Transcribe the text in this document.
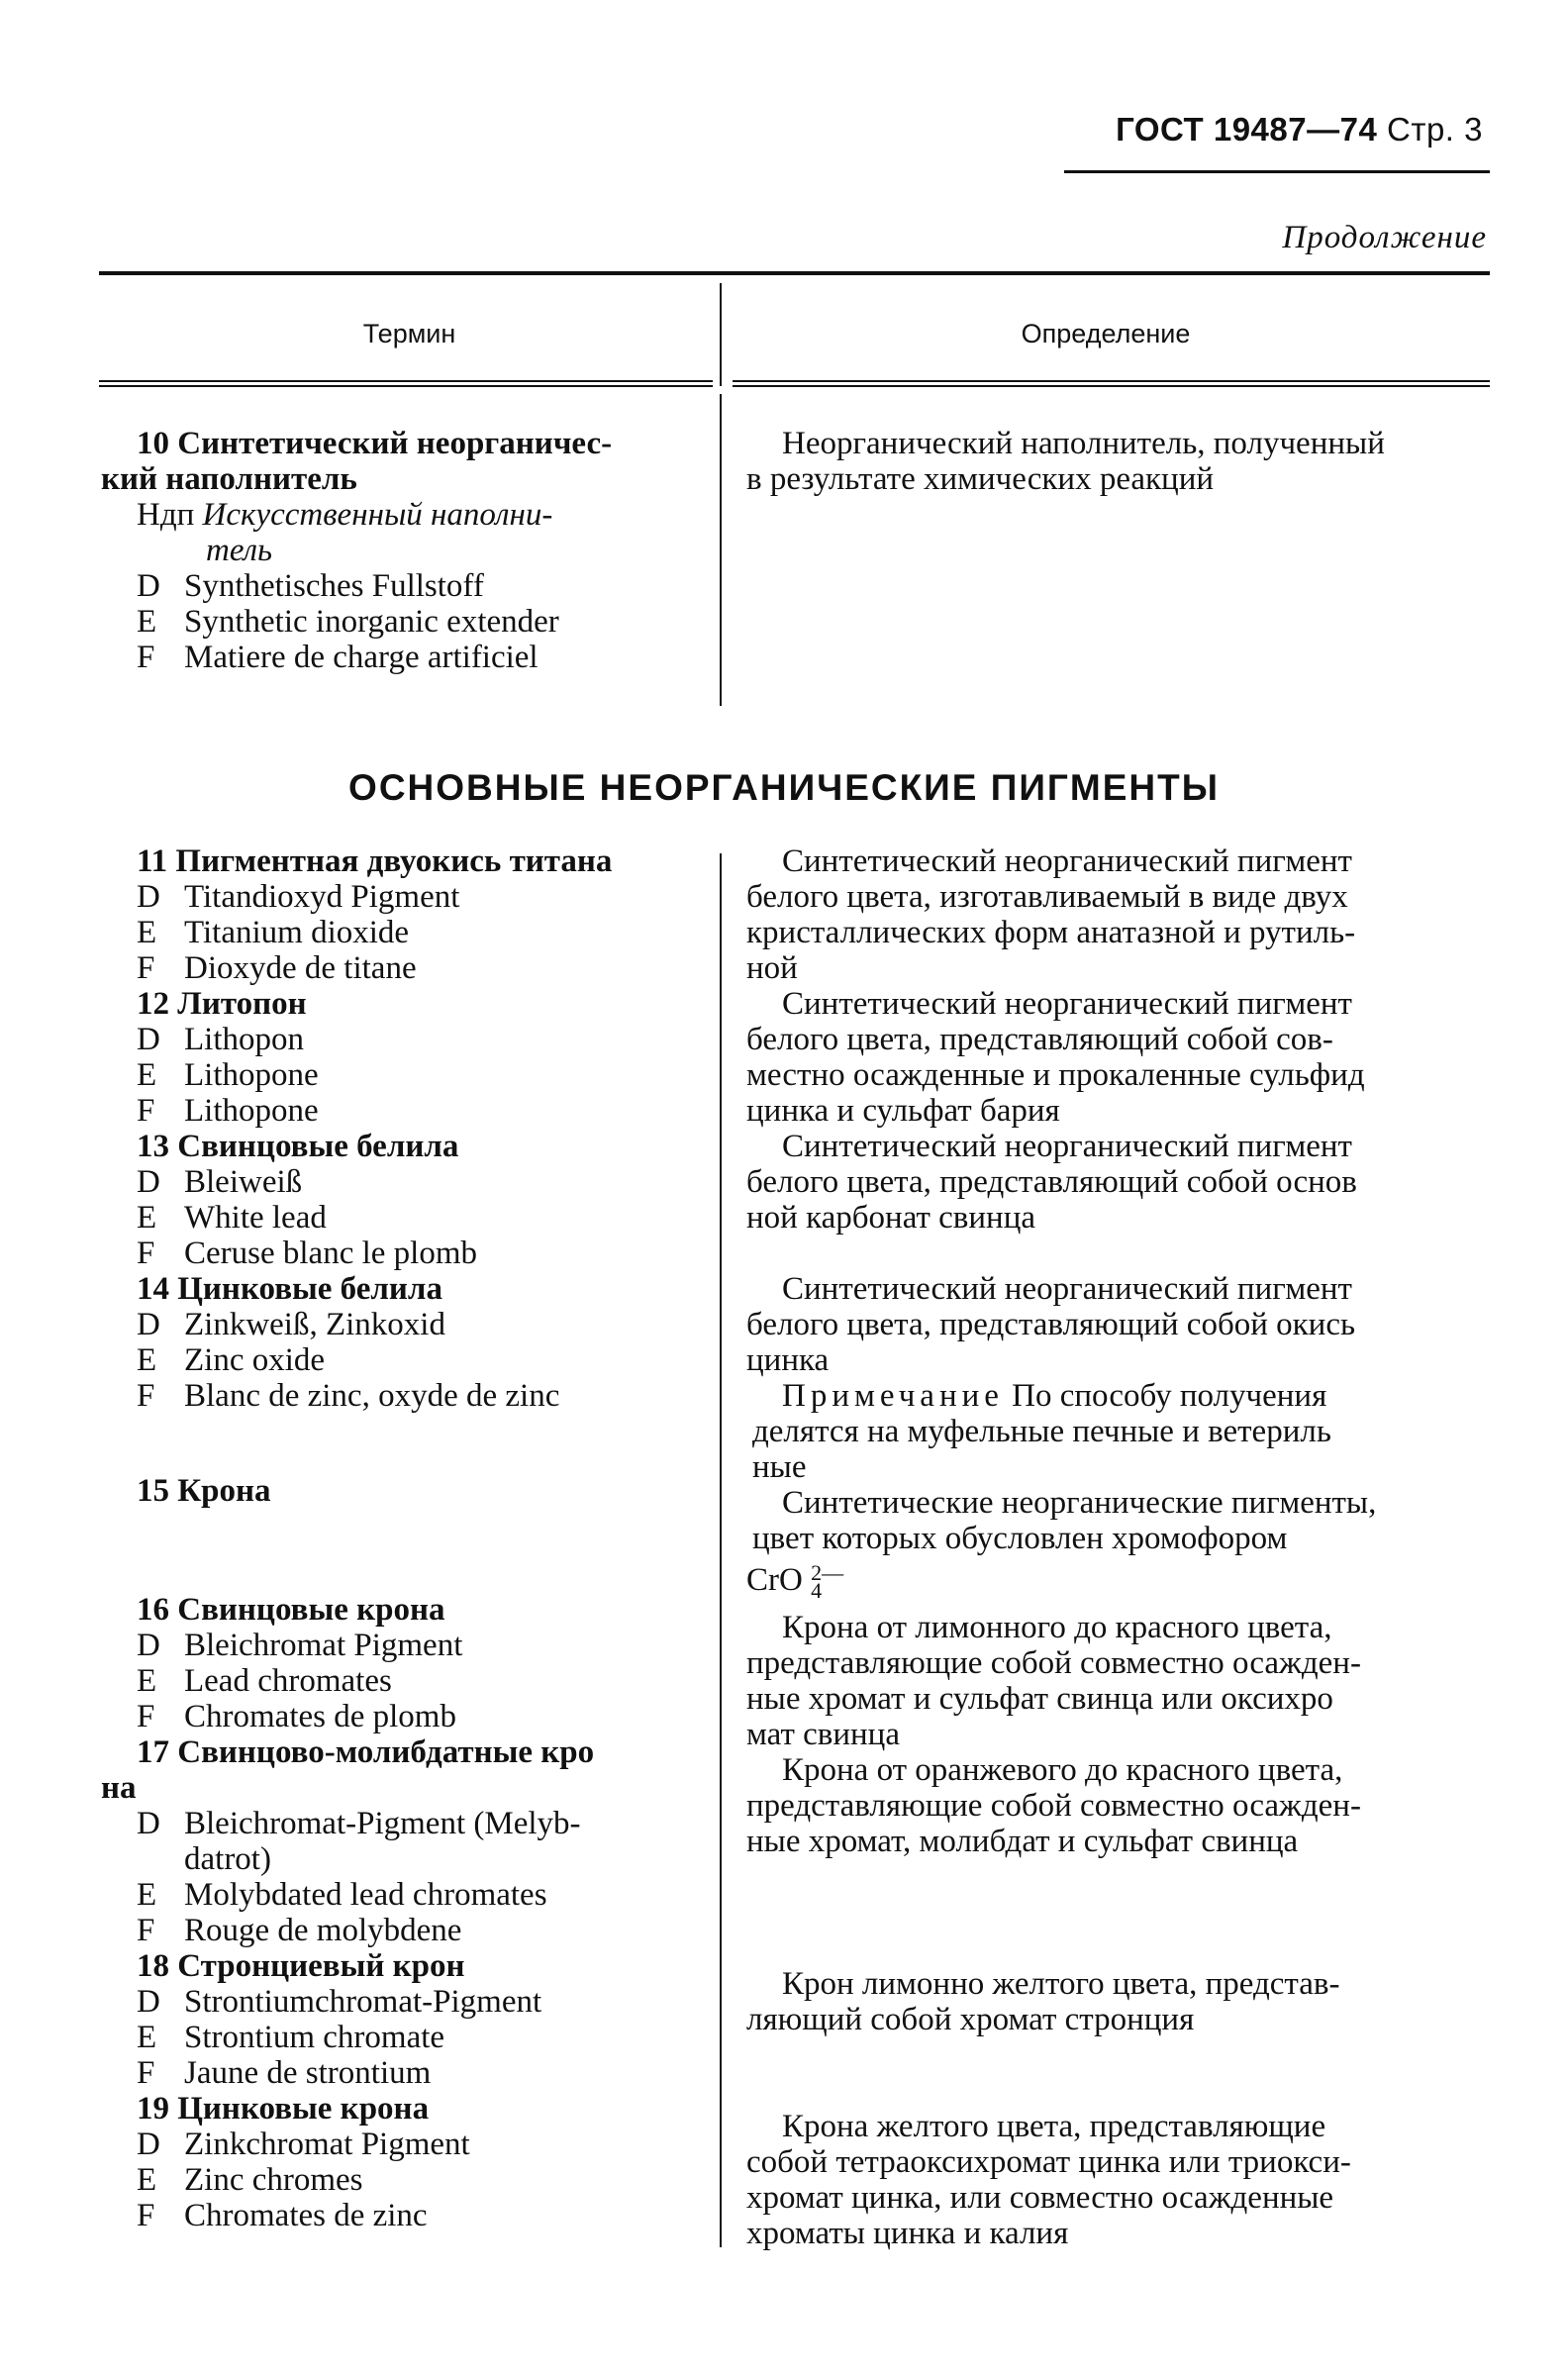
ГОСТ 19487—74 Стр. 3
Продолжение
Термин	Определение
10 Синтетический неорганичес-
кий наполнитель
Ндп Искусственный наполни-
тель
D Synthetisches Fullstoff
E Synthetic inorganic extender
F Matiere de charge artificiel
Неорганический наполнитель, полученный
в результате химических реакций
ОСНОВНЫЕ НЕОРГАНИЧЕСКИЕ ПИГМЕНТЫ
11 Пигментная двуокись титана
D Titandioxyd Pigment
E Titanium dioxide
F Dioxyde de titane
12 Литопон
D Lithopon
E Lithopone
F Lithopone
13 Свинцовые белила
D Bleiweiß
E White lead
F Ceruse blanc le plomb
14 Цинковые белила
D Zinkweiß, Zinkoxid
E Zinc oxide
F Blanc de zinc, oxyde de zinc
15 Крона
16 Свинцовые крона
D Bleichromat Pigment
E Lead chromates
F Chromates de plomb
17 Свинцово-молибдатные кро
на
D Bleichromat-Pigment (Melyb-
datrot)
E Molybdated lead chromates
F Rouge de molybdene
18 Стронциевый крон
D Strontiumchromat-Pigment
E Strontium chromate
F Jaune de strontium
19 Цинковые крона
D Zinkchromat Pigment
E Zinc chromes
F Chromates de zinc
Синтетический неорганический пигмент
белого цвета, изготавливаемый в виде двух
кристаллических форм анатазной и рутиль-
ной
Синтетический неорганический пигмент
белого цвета, представляющий собой сов-
местно осажденные и прокаленные сульфид
цинка и сульфат бария
Синтетический неорганический пигмент
белого цвета, представляющий собой основ
ной карбонат свинца
Синтетический неорганический пигмент
белого цвета, представляющий собой окись
цинка
Примечание По способу получения
делятся на муфельные печные и ветериль
ные
Синтетические неорганические пигменты,
цвет которых обусловлен хромофором
CrO 2—
4
Крона от лимонного до красного цвета,
представляющие собой совместно осажден-
ные хромат и сульфат свинца или оксихро
мат свинца
Крона от оранжевого до красного цвета,
представляющие собой совместно осажден-
ные хромат, молибдат и сульфат свинца
Крон лимонно желтого цвета, представ-
ляющий собой хромат стронция
Крона желтого цвета, представляющие
собой тетраоксихромат цинка или триокси-
хромат цинка, или совместно осажденные
хроматы цинка и калия
